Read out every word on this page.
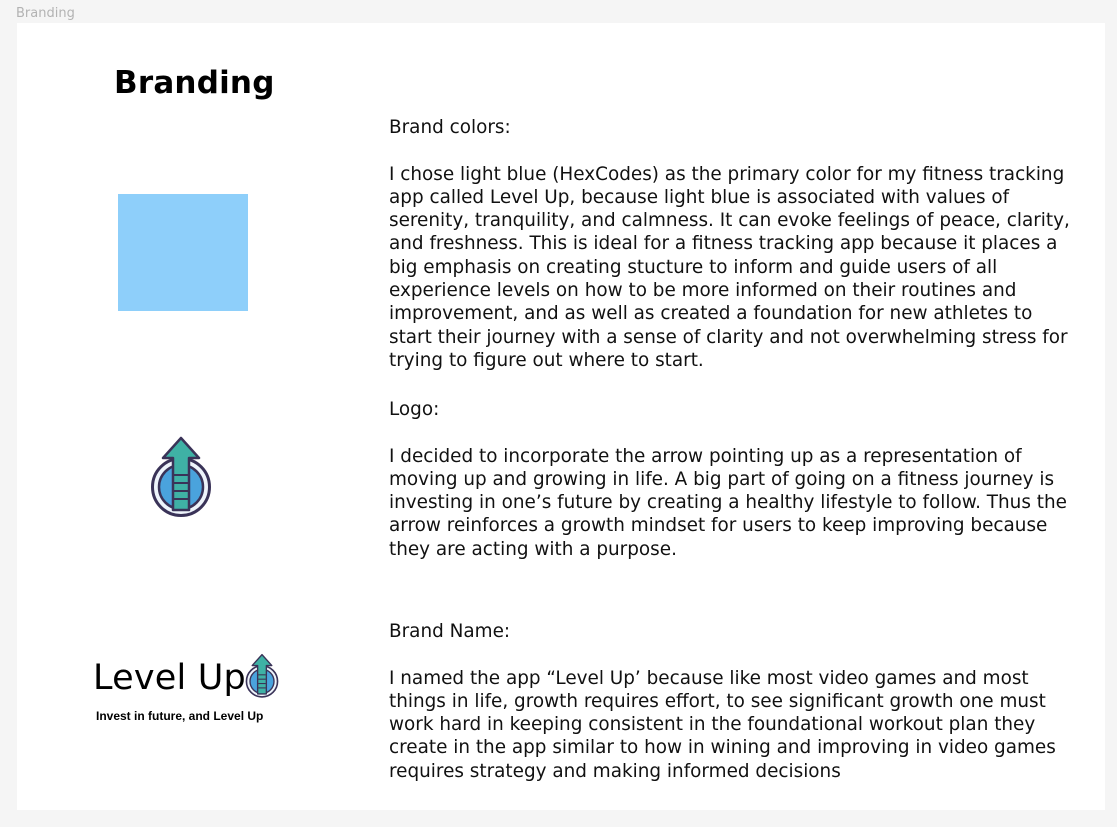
Branding
Branding
Level Up
Invest in future, and Level Up

Brand colors:

I chose light blue (HexCodes) as the primary color for my fitness tracking app called Level Up, because light blue is associated with values of serenity, tranquility, and calmness. It can evoke feelings of peace, clarity, and freshness. This is ideal for a fitness tracking app because it places a big emphasis on creating stucture to inform and guide users of all experience levels on how to be more informed on their routines and improvement, and as well as created a foundation for new athletes to start their journey with a sense of clarity and not overwhelming stress for trying to figure out where to start.

Logo:

I decided to incorporate the arrow pointing up as a representation of moving up and growing in life. A big part of going on a fitness journey is investing in one’s future by creating a healthy lifestyle to follow. Thus the arrow reinforces a growth mindset for users to keep improving because they are acting with a purpose.

Brand Name:

I named the app “Level Up’ because like most video games and most things in life, growth requires effort, to see significant growth one must work hard in keeping consistent in the foundational workout plan they create in the app similar to how in wining and improving in video games requires strategy and making informed decisions
